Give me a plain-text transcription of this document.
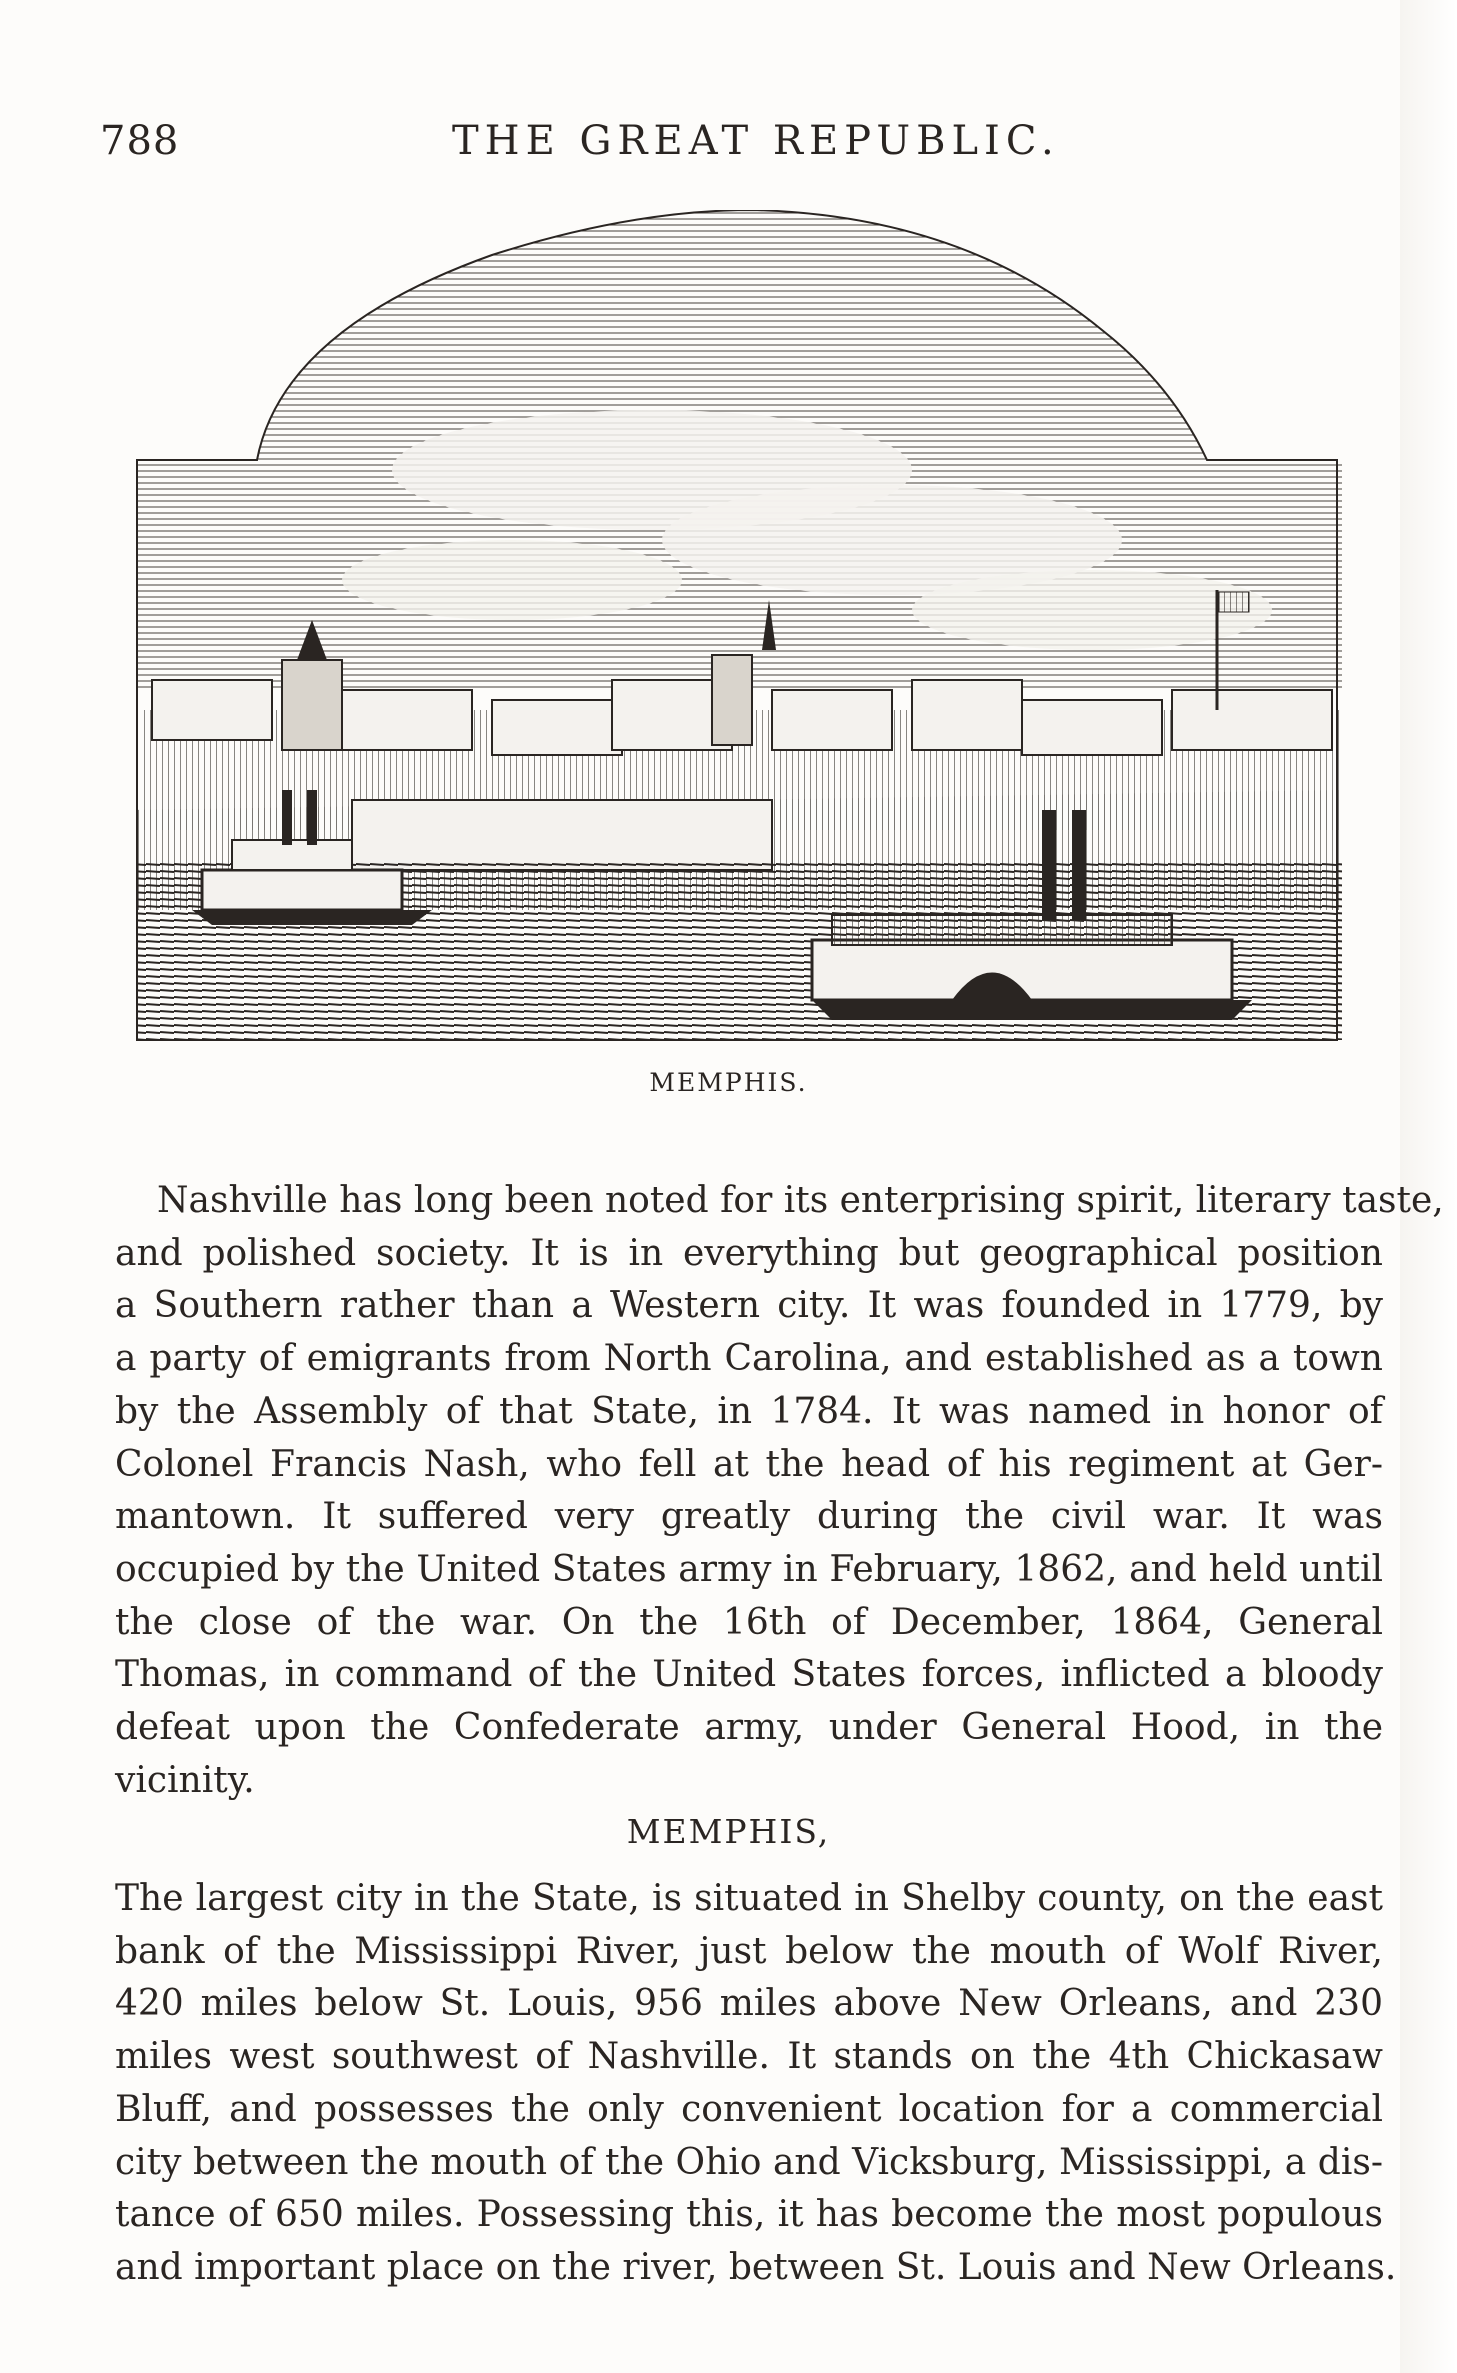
788	THE GREAT REPUBLIC.
MEMPHIS.
Nashville has long been noted for its enterprising spirit, literary taste,
and polished society. It is in everything but geographical position
a Southern rather than a Western city. It was founded in 1779, by
a party of emigrants from North Carolina, and established as a town
by the Assembly of that State, in 1784. It was named in honor of
Colonel Francis Nash, who fell at the head of his regiment at Ger-
mantown. It suffered very greatly during the civil war. It was
occupied by the United States army in February, 1862, and held until
the close of the war. On the 16th of December, 1864, General
Thomas, in command of the United States forces, inflicted a bloody
defeat upon the Confederate army, under General Hood, in the
vicinity.
MEMPHIS,
The largest city in the State, is situated in Shelby county, on the east
bank of the Mississippi River, just below the mouth of Wolf River,
420 miles below St. Louis, 956 miles above New Orleans, and 230
miles west southwest of Nashville. It stands on the 4th Chickasaw
Bluff, and possesses the only convenient location for a commercial
city between the mouth of the Ohio and Vicksburg, Mississippi, a dis-
tance of 650 miles. Possessing this, it has become the most populous
and important place on the river, between St. Louis and New Orleans.
